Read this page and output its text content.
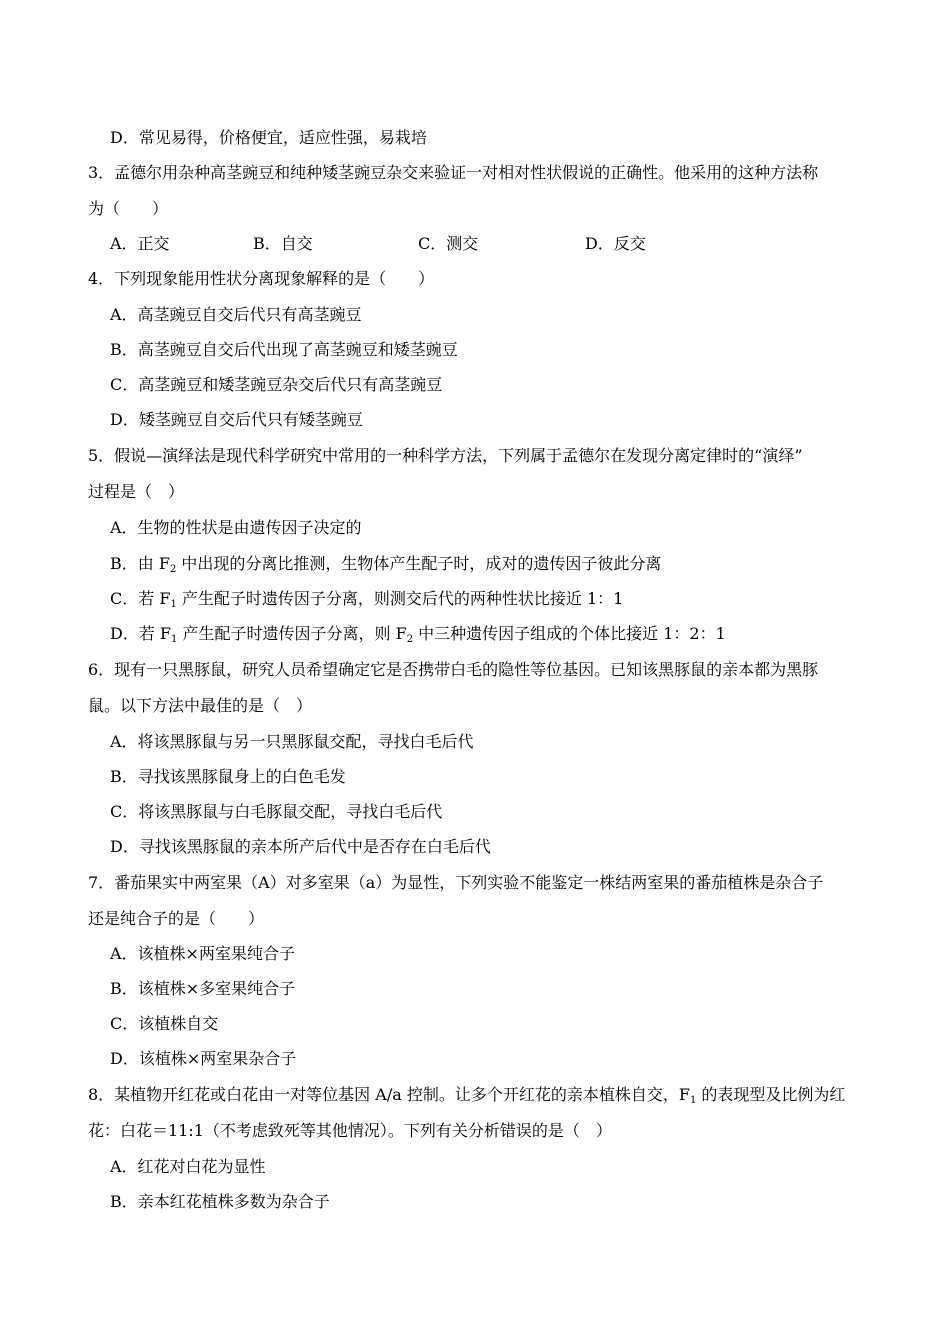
D．常见易得，价格便宜，适应性强，易栽培
3．孟德尔用杂种高茎豌豆和纯种矮茎豌豆杂交来验证一对相对性状假说的正确性。他采用的这种方法称
为（　　）
A．正交	B．自交	C．测交	D．反交
4．下列现象能用性状分离现象解释的是（　　）
A．高茎豌豆自交后代只有高茎豌豆
B．高茎豌豆自交后代出现了高茎豌豆和矮茎豌豆
C．高茎豌豆和矮茎豌豆杂交后代只有高茎豌豆
D．矮茎豌豆自交后代只有矮茎豌豆
5．假说—演绎法是现代科学研究中常用的一种科学方法，下列属于孟德尔在发现分离定律时的“演绎”
过程是（　）
A．生物的性状是由遗传因子决定的
B．由 $F_2$ 中出现的分离比推测，生物体产生配子时，成对的遗传因子彼此分离
C．若 $F_1$ 产生配子时遗传因子分离，则测交后代的两种性状比接近 1：1
D．若 $F_1$ 产生配子时遗传因子分离，则 $F_2$ 中三种遗传因子组成的个体比接近 1：2：1
6．现有一只黑豚鼠，研究人员希望确定它是否携带白毛的隐性等位基因。已知该黑豚鼠的亲本都为黑豚
鼠。以下方法中最佳的是（　）
A．将该黑豚鼠与另一只黑豚鼠交配，寻找白毛后代
B．寻找该黑豚鼠身上的白色毛发
C．将该黑豚鼠与白毛豚鼠交配，寻找白毛后代
D．寻找该黑豚鼠的亲本所产后代中是否存在白毛后代
7．番茄果实中两室果（A）对多室果（a）为显性，下列实验不能鉴定一株结两室果的番茄植株是杂合子
还是纯合子的是（　　）
A．该植株×两室果纯合子
B．该植株×多室果纯合子
C．该植株自交
D．该植株×两室果杂合子
8．某植物开红花或白花由一对等位基因 A/a 控制。让多个开红花的亲本植株自交，$F_1$ 的表现型及比例为红
花：白花＝11:1（不考虑致死等其他情况）。下列有关分析错误的是（　）
A．红花对白花为显性
B．亲本红花植株多数为杂合子
